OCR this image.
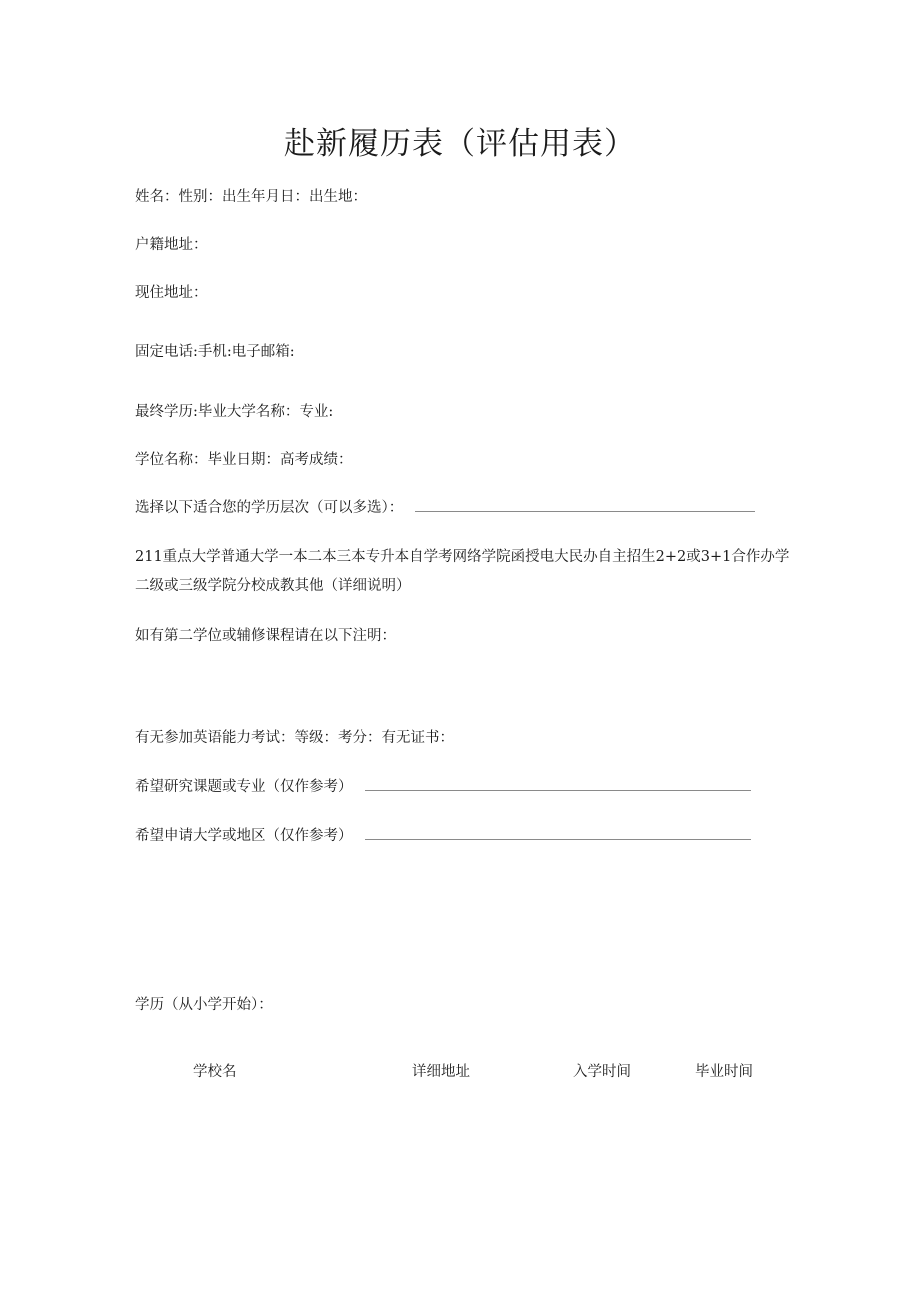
赴新履历表（评估用表）
姓名：性别：出生年月日：出生地：
户籍地址：
现住地址：
固定电话:手机:电子邮箱:
最终学历:毕业大学名称：专业:
学位名称：毕业日期：高考成绩：
选择以下适合您的学历层次（可以多选）：
211重点大学普通大学一本二本三本专升本自学考网络学院函授电大民办自主招生2+2或3+1合作办学二级或三级学院分校成教其他（详细说明）
如有第二学位或辅修课程请在以下注明：
有无参加英语能力考试：等级：考分：有无证书：
希望研究课题或专业（仅作参考）
希望申请大学或地区（仅作参考）
学历（从小学开始）：
学校名	详细地址	入学时间	毕业时间
